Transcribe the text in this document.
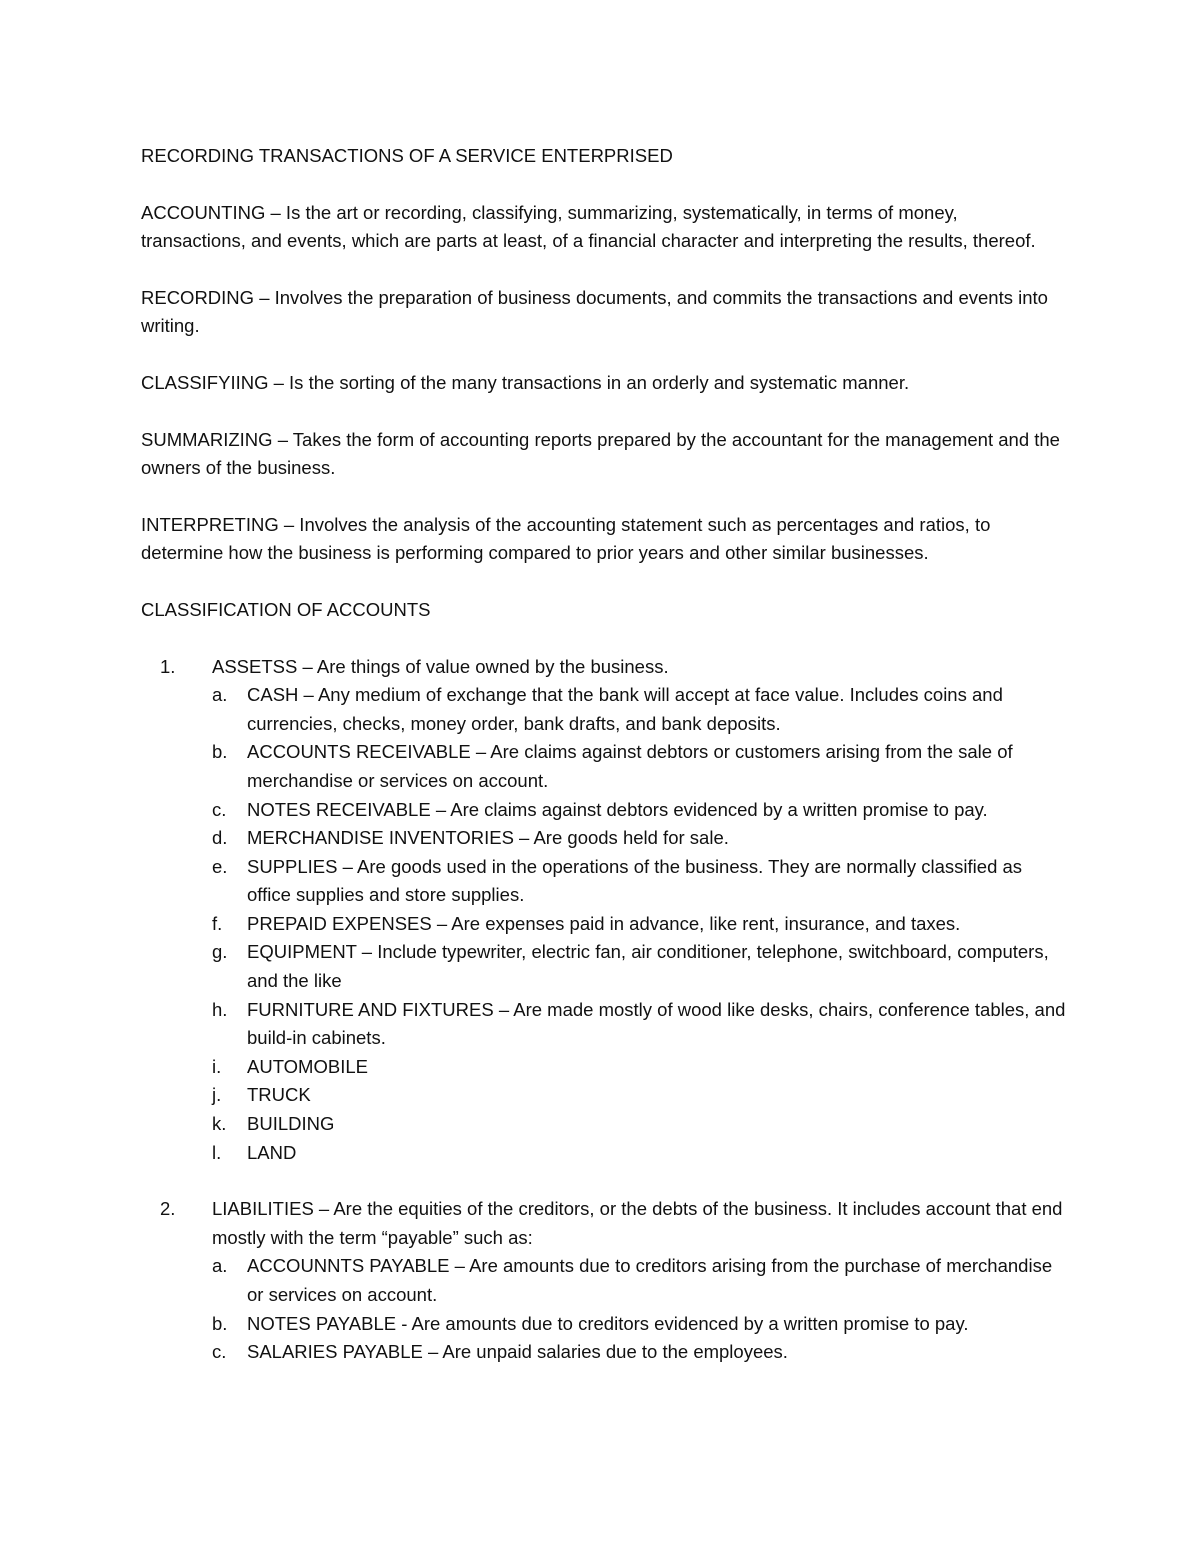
RECORDING TRANSACTIONS OF A SERVICE ENTERPRISED

ACCOUNTING – Is the art or recording, classifying, summarizing, systematically, in terms of money, transactions, and events, which are parts at least, of a financial character and interpreting the results, thereof.

RECORDING – Involves the preparation of business documents, and commits the transactions and events into writing.

CLASSIFYIING – Is the sorting of the many transactions in an orderly and systematic manner.

SUMMARIZING – Takes the form of accounting reports prepared by the accountant for the management and the owners of the business.

INTERPRETING – Involves the analysis of the accounting statement such as percentages and ratios, to determine how the business is performing compared to prior years and other similar businesses.

CLASSIFICATION OF ACCOUNTS

1. ASSETSS – Are things of value owned by the business.
a. CASH – Any medium of exchange that the bank will accept at face value. Includes coins and currencies, checks, money order, bank drafts, and bank deposits.
b. ACCOUNTS RECEIVABLE – Are claims against debtors or customers arising from the sale of merchandise or services on account.
c. NOTES RECEIVABLE – Are claims against debtors evidenced by a written promise to pay.
d. MERCHANDISE INVENTORIES – Are goods held for sale.
e. SUPPLIES – Are goods used in the operations of the business. They are normally classified as office supplies and store supplies.
f. PREPAID EXPENSES – Are expenses paid in advance, like rent, insurance, and taxes.
g. EQUIPMENT – Include typewriter, electric fan, air conditioner, telephone, switchboard, computers, and the like
h. FURNITURE AND FIXTURES – Are made mostly of wood like desks, chairs, conference tables, and build-in cabinets.
i. AUTOMOBILE
j. TRUCK
k. BUILDING
l. LAND
2. LIABILITIES – Are the equities of the creditors, or the debts of the business. It includes account that end mostly with the term “payable” such as:
a. ACCOUNNTS PAYABLE – Are amounts due to creditors arising from the purchase of merchandise or services on account.
b. NOTES PAYABLE - Are amounts due to creditors evidenced by a written promise to pay.
c. SALARIES PAYABLE – Are unpaid salaries due to the employees.
